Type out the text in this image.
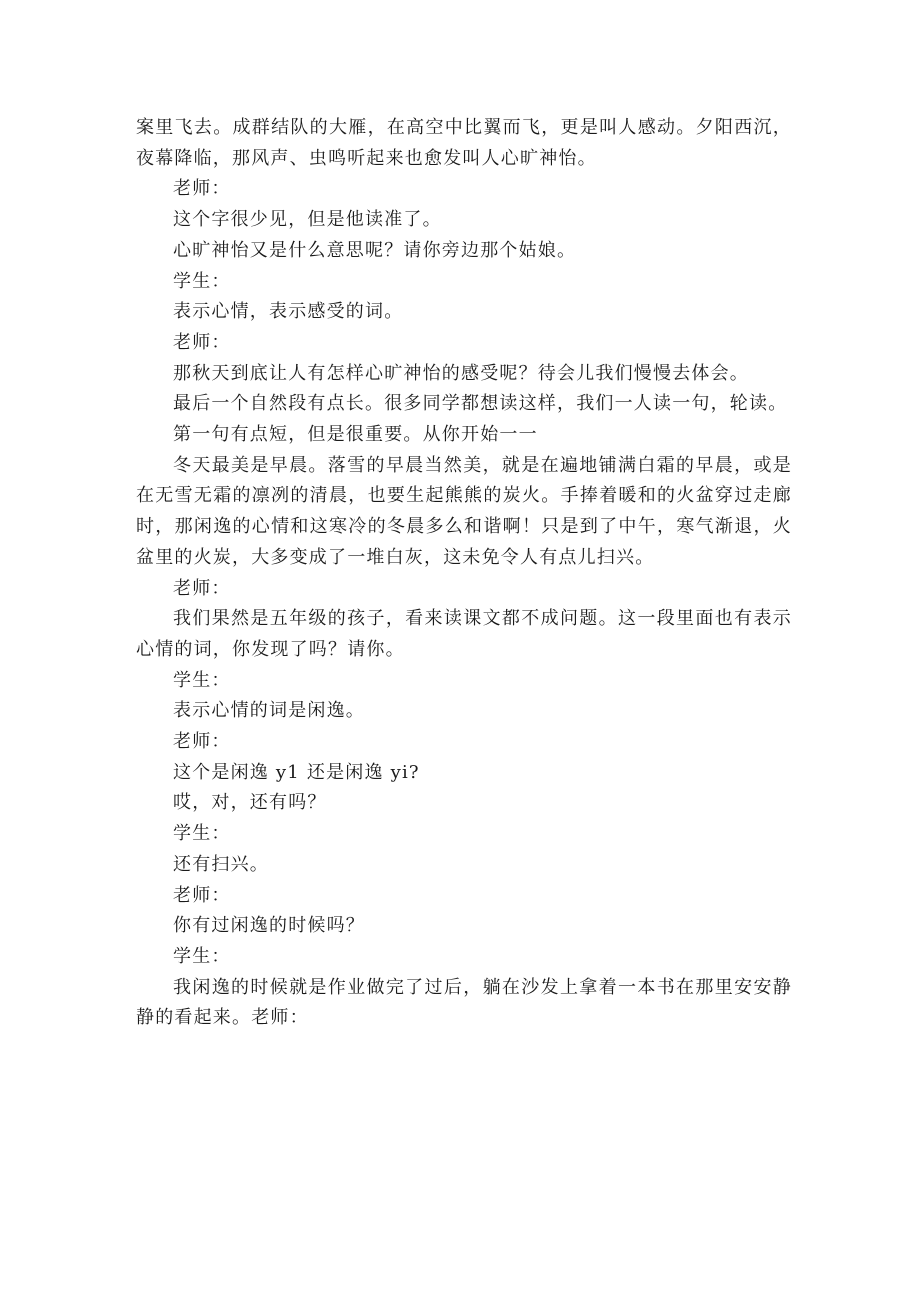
案里飞去。成群结队的大雁，在高空中比翼而飞，更是叫人感动。夕阳西沉，夜幕降临，那风声、虫鸣听起来也愈发叫人心旷神怡。

老师：

这个字很少见，但是他读准了。

心旷神怡又是什么意思呢？请你旁边那个姑娘。

学生：

表示心情，表示感受的词。

老师：

那秋天到底让人有怎样心旷神怡的感受呢？待会儿我们慢慢去体会。

最后一个自然段有点长。很多同学都想读这样，我们一人读一句，轮读。

第一句有点短，但是很重要。从你开始一一

冬天最美是早晨。落雪的早晨当然美，就是在遍地铺满白霜的早晨，或是在无雪无霜的凛冽的清晨，也要生起熊熊的炭火。手捧着暖和的火盆穿过走廊时，那闲逸的心情和这寒冷的冬晨多么和谐啊！只是到了中午，寒气渐退，火盆里的火炭，大多变成了一堆白灰，这未免令人有点儿扫兴。

老师：

我们果然是五年级的孩子，看来读课文都不成问题。这一段里面也有表示心情的词，你发现了吗？请你。

学生：

表示心情的词是闲逸。

老师：

这个是闲逸 y1 还是闲逸 yi?

哎，对，还有吗？

学生：

还有扫兴。

老师：

你有过闲逸的时候吗？

学生：

我闲逸的时候就是作业做完了过后，躺在沙发上拿着一本书在那里安安静静的看起来。老师：
